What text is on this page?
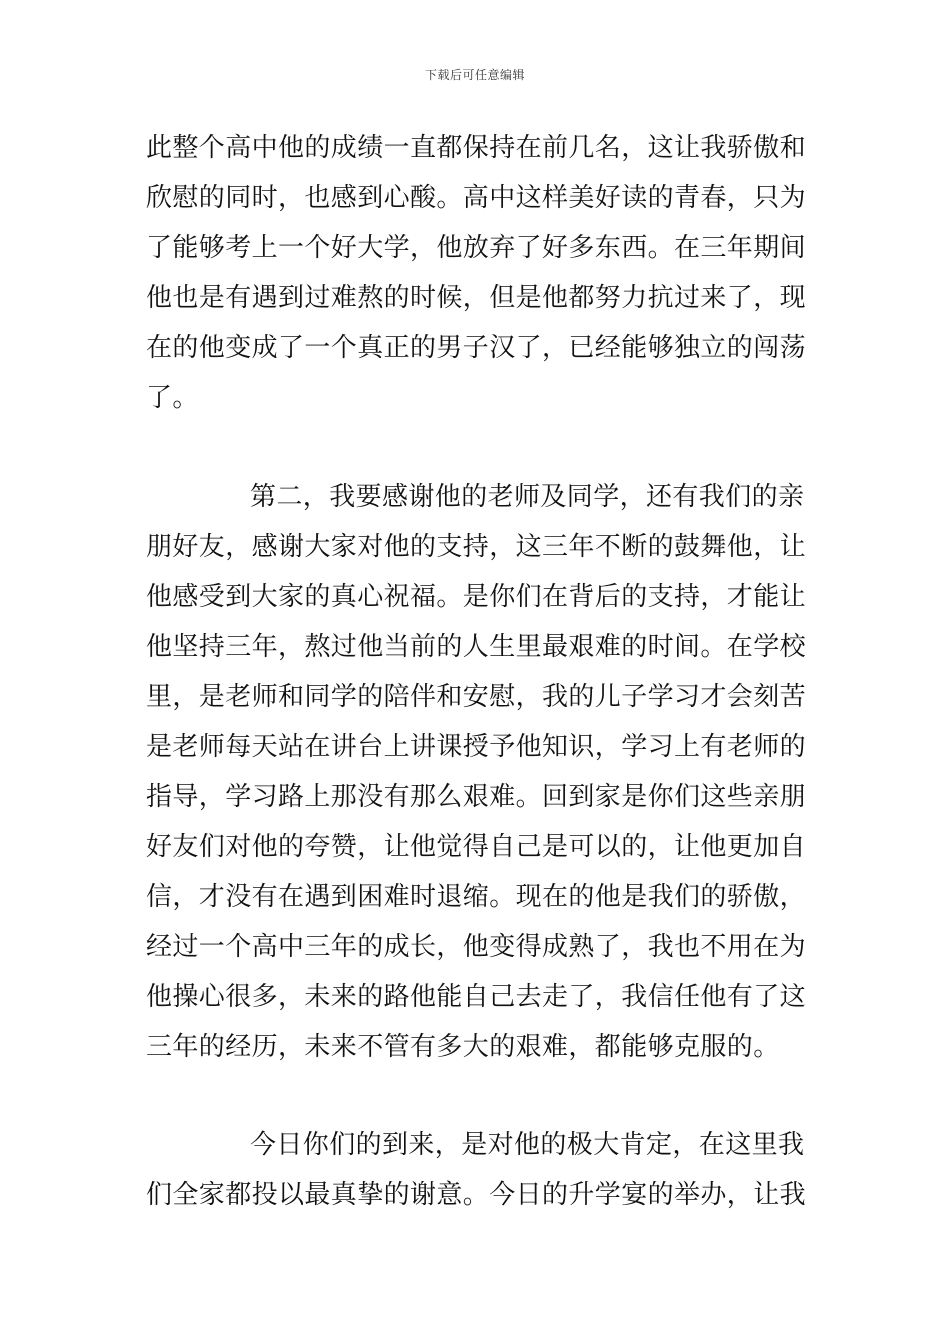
下载后可任意编辑
此整个高中他的成绩一直都保持在前几名，这让我骄傲和
欣慰的同时，也感到心酸。高中这样美好读的青春，只为
了能够考上一个好大学，他放弃了好多东西。在三年期间
他也是有遇到过难熬的时候，但是他都努力抗过来了，现
在的他变成了一个真正的男子汉了，已经能够独立的闯荡
了。
第二，我要感谢他的老师及同学，还有我们的亲
朋好友，感谢大家对他的支持，这三年不断的鼓舞他，让
他感受到大家的真心祝福。是你们在背后的支持，才能让
他坚持三年，熬过他当前的人生里最艰难的时间。在学校
里，是老师和同学的陪伴和安慰，我的儿子学习才会刻苦
是老师每天站在讲台上讲课授予他知识，学习上有老师的
指导，学习路上那没有那么艰难。回到家是你们这些亲朋
好友们对他的夸赞，让他觉得自己是可以的，让他更加自
信，才没有在遇到困难时退缩。现在的他是我们的骄傲，
经过一个高中三年的成长，他变得成熟了，我也不用在为
他操心很多，未来的路他能自己去走了，我信任他有了这
三年的经历，未来不管有多大的艰难，都能够克服的。
今日你们的到来，是对他的极大肯定，在这里我
们全家都投以最真挚的谢意。今日的升学宴的举办，让我
